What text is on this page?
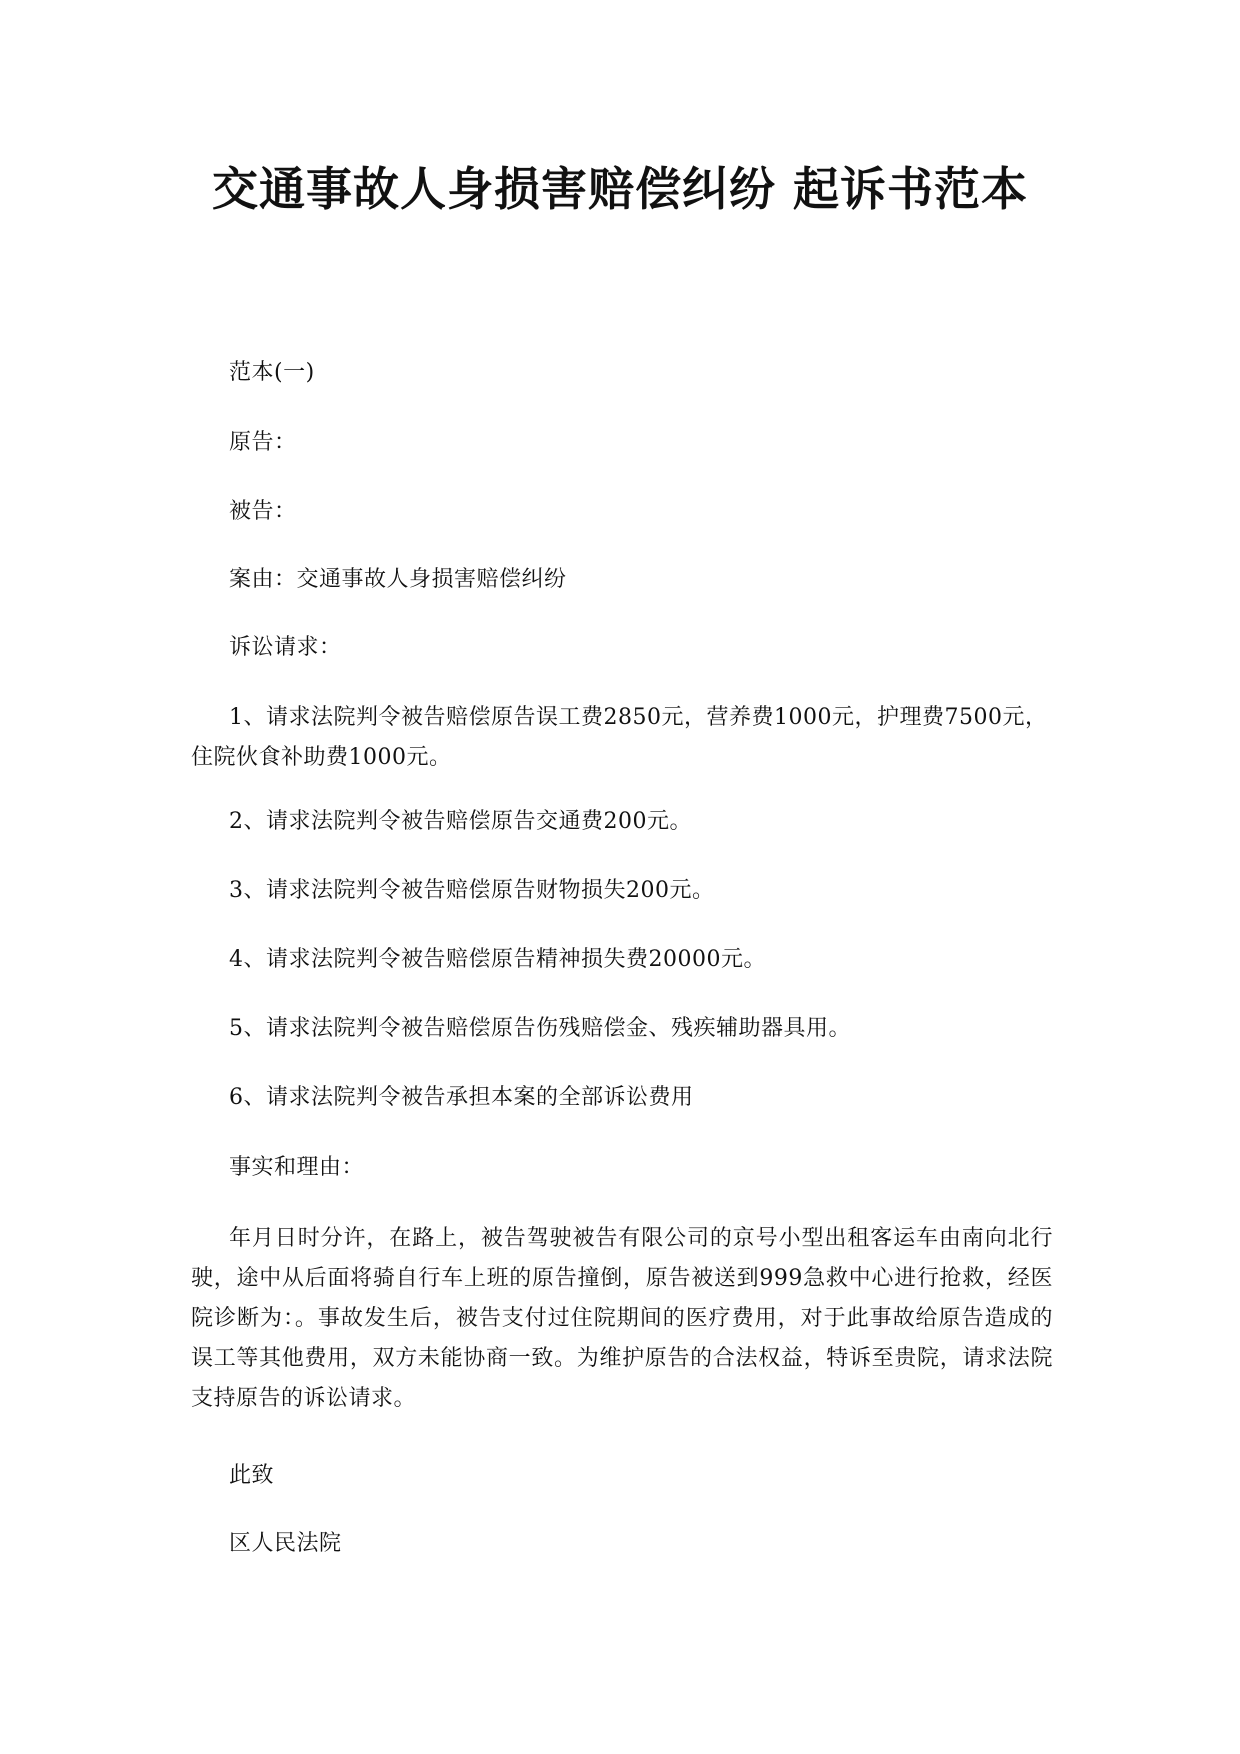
交通事故人身损害赔偿纠纷 起诉书范本

范本(一)

原告：

被告：

案由：交通事故人身损害赔偿纠纷

诉讼请求：

1、请求法院判令被告赔偿原告误工费2850元，营养费1000元，护理费7500元，住院伙食补助费1000元。

2、请求法院判令被告赔偿原告交通费200元。

3、请求法院判令被告赔偿原告财物损失200元。

4、请求法院判令被告赔偿原告精神损失费20000元。

5、请求法院判令被告赔偿原告伤残赔偿金、残疾辅助器具用。

6、请求法院判令被告承担本案的全部诉讼费用

事实和理由：

年月日时分许，在路上，被告驾驶被告有限公司的京号小型出租客运车由南向北行驶，途中从后面将骑自行车上班的原告撞倒，原告被送到999急救中心进行抢救，经医院诊断为：。事故发生后，被告支付过住院期间的医疗费用，对于此事故给原告造成的误工等其他费用，双方未能协商一致。为维护原告的合法权益，特诉至贵院，请求法院支持原告的诉讼请求。

此致

区人民法院
